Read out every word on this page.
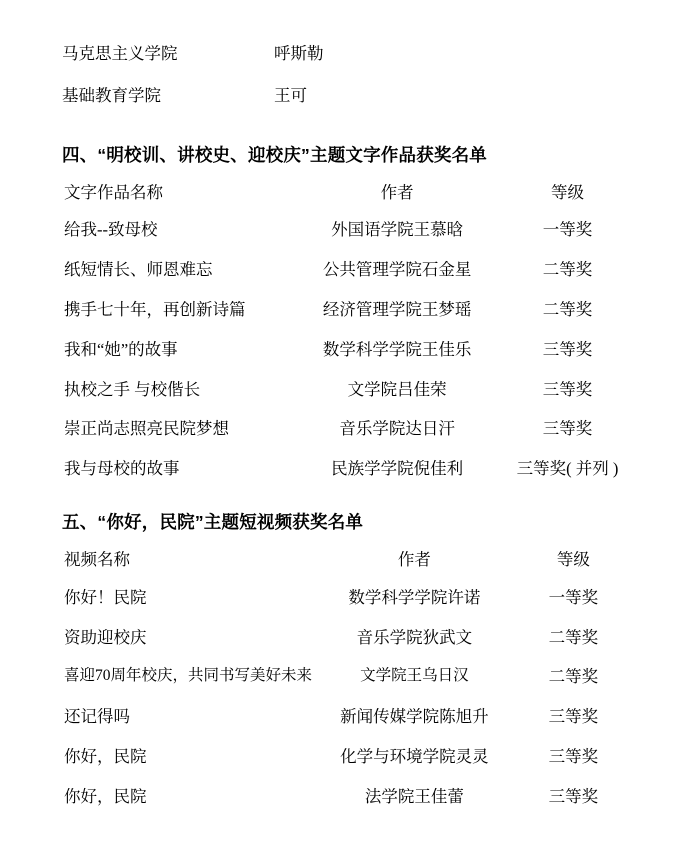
马克思主义学院	呼斯勒
基础教育学院	王可
四、“明校训、讲校史、迎校庆”主题文字作品获奖名单
文字作品名称	作者	等级
给我--致母校	外国语学院王慕晗	一等奖
纸短情长、师恩难忘	公共管理学院石金星	二等奖
携手七十年，再创新诗篇	经济管理学院王梦瑶	二等奖
我和“她”的故事	数学科学学院王佳乐	三等奖
执校之手 与校偕长	文学院吕佳荣	三等奖
崇正尚志照亮民院梦想	音乐学院达日汗	三等奖
我与母校的故事	民族学学院倪佳利	三等奖( 并列 )
五、“你好，民院”主题短视频获奖名单
视频名称	作者	等级
你好！民院	数学科学学院许诺	一等奖
资助迎校庆	音乐学院狄武文	二等奖
喜迎70周年校庆，共同书写美好未来	文学院王乌日汉	二等奖
还记得吗	新闻传媒学院陈旭升	三等奖
你好，民院	化学与环境学院灵灵	三等奖
你好，民院	法学院王佳蕾	三等奖
